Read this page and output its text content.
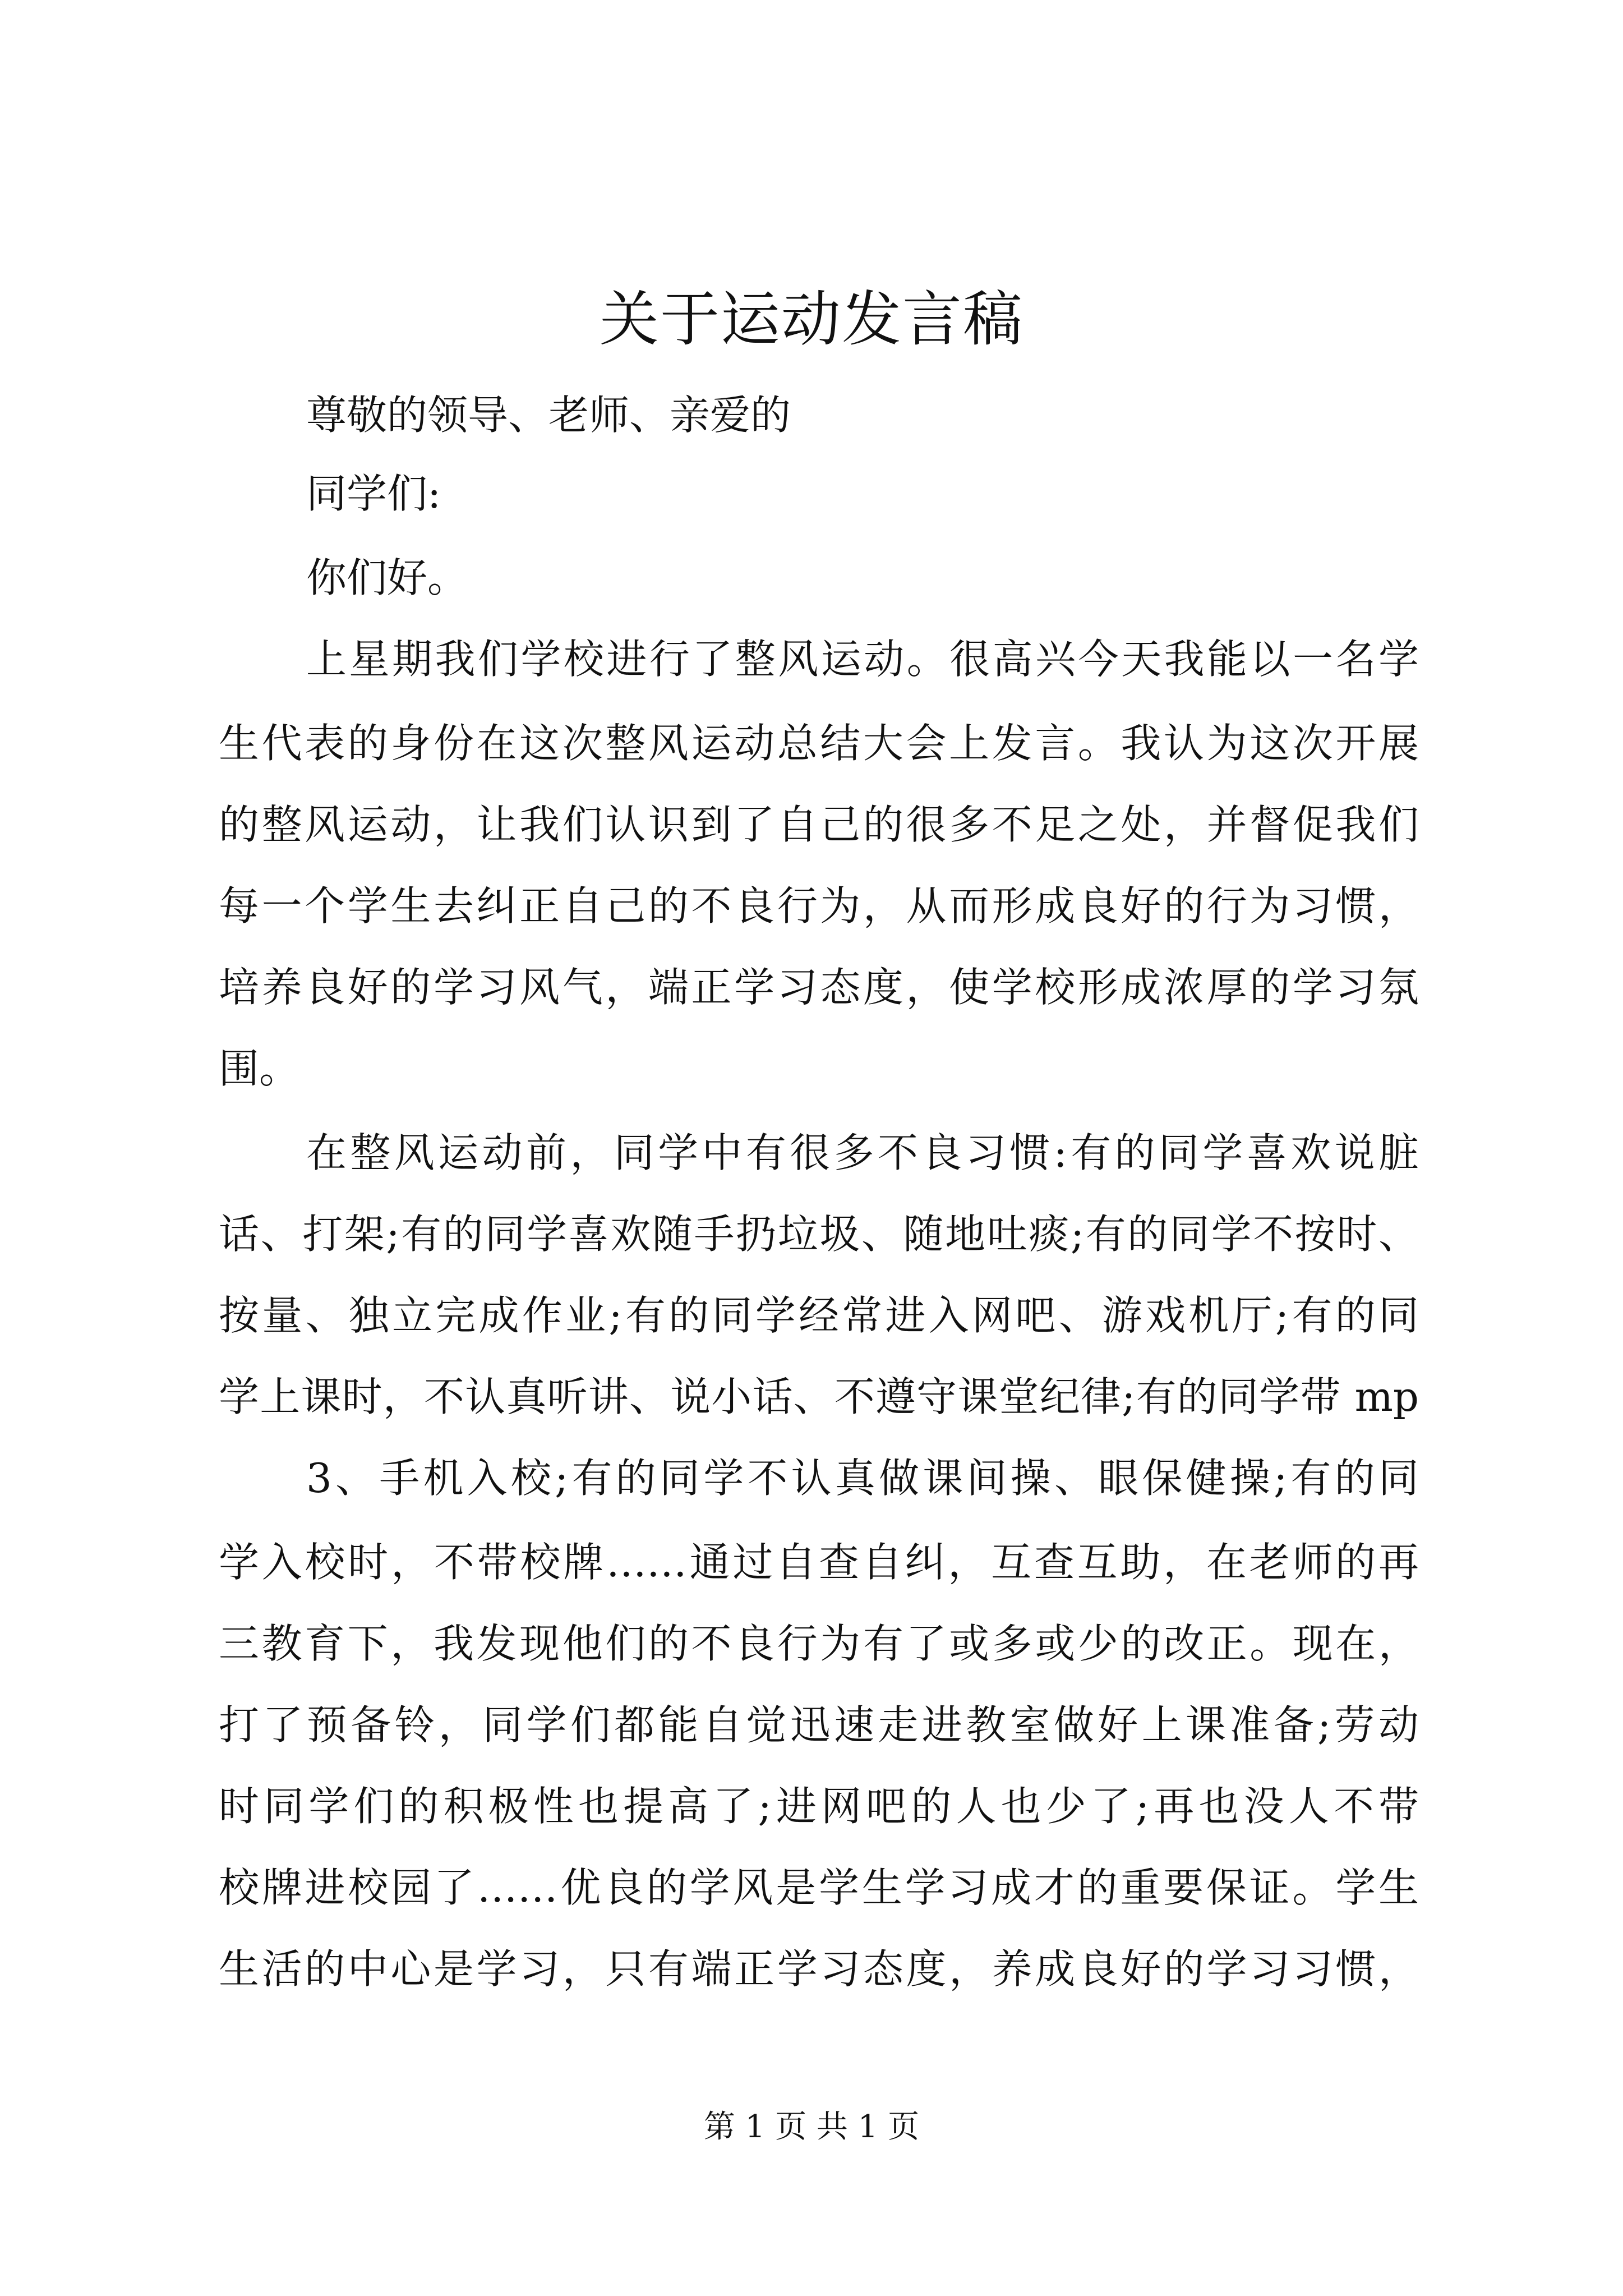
关于运动发言稿
尊敬的领导、老师、亲爱的
同学们:
你们好。
上星期我们学校进行了整风运动。很高兴今天我能以一名学
生代表的身份在这次整风运动总结大会上发言。我认为这次开展
的整风运动，让我们认识到了自己的很多不足之处，并督促我们
每一个学生去纠正自己的不良行为，从而形成良好的行为习惯，
培养良好的学习风气，端正学习态度，使学校形成浓厚的学习氛
围。
在整风运动前，同学中有很多不良习惯:有的同学喜欢说脏
话、打架;有的同学喜欢随手扔垃圾、随地吐痰;有的同学不按时、
按量、独立完成作业;有的同学经常进入网吧、游戏机厅;有的同
学上课时，不认真听讲、说小话、不遵守课堂纪律;有的同学带 mp
3、手机入校;有的同学不认真做课间操、眼保健操;有的同
学入校时，不带校牌……通过自查自纠，互查互助，在老师的再
三教育下，我发现他们的不良行为有了或多或少的改正。现在，
打了预备铃，同学们都能自觉迅速走进教室做好上课准备;劳动
时同学们的积极性也提高了;进网吧的人也少了;再也没人不带
校牌进校园了……优良的学风是学生学习成才的重要保证。学生
生活的中心是学习，只有端正学习态度，养成良好的学习习惯，
第 1 页 共 1 页
